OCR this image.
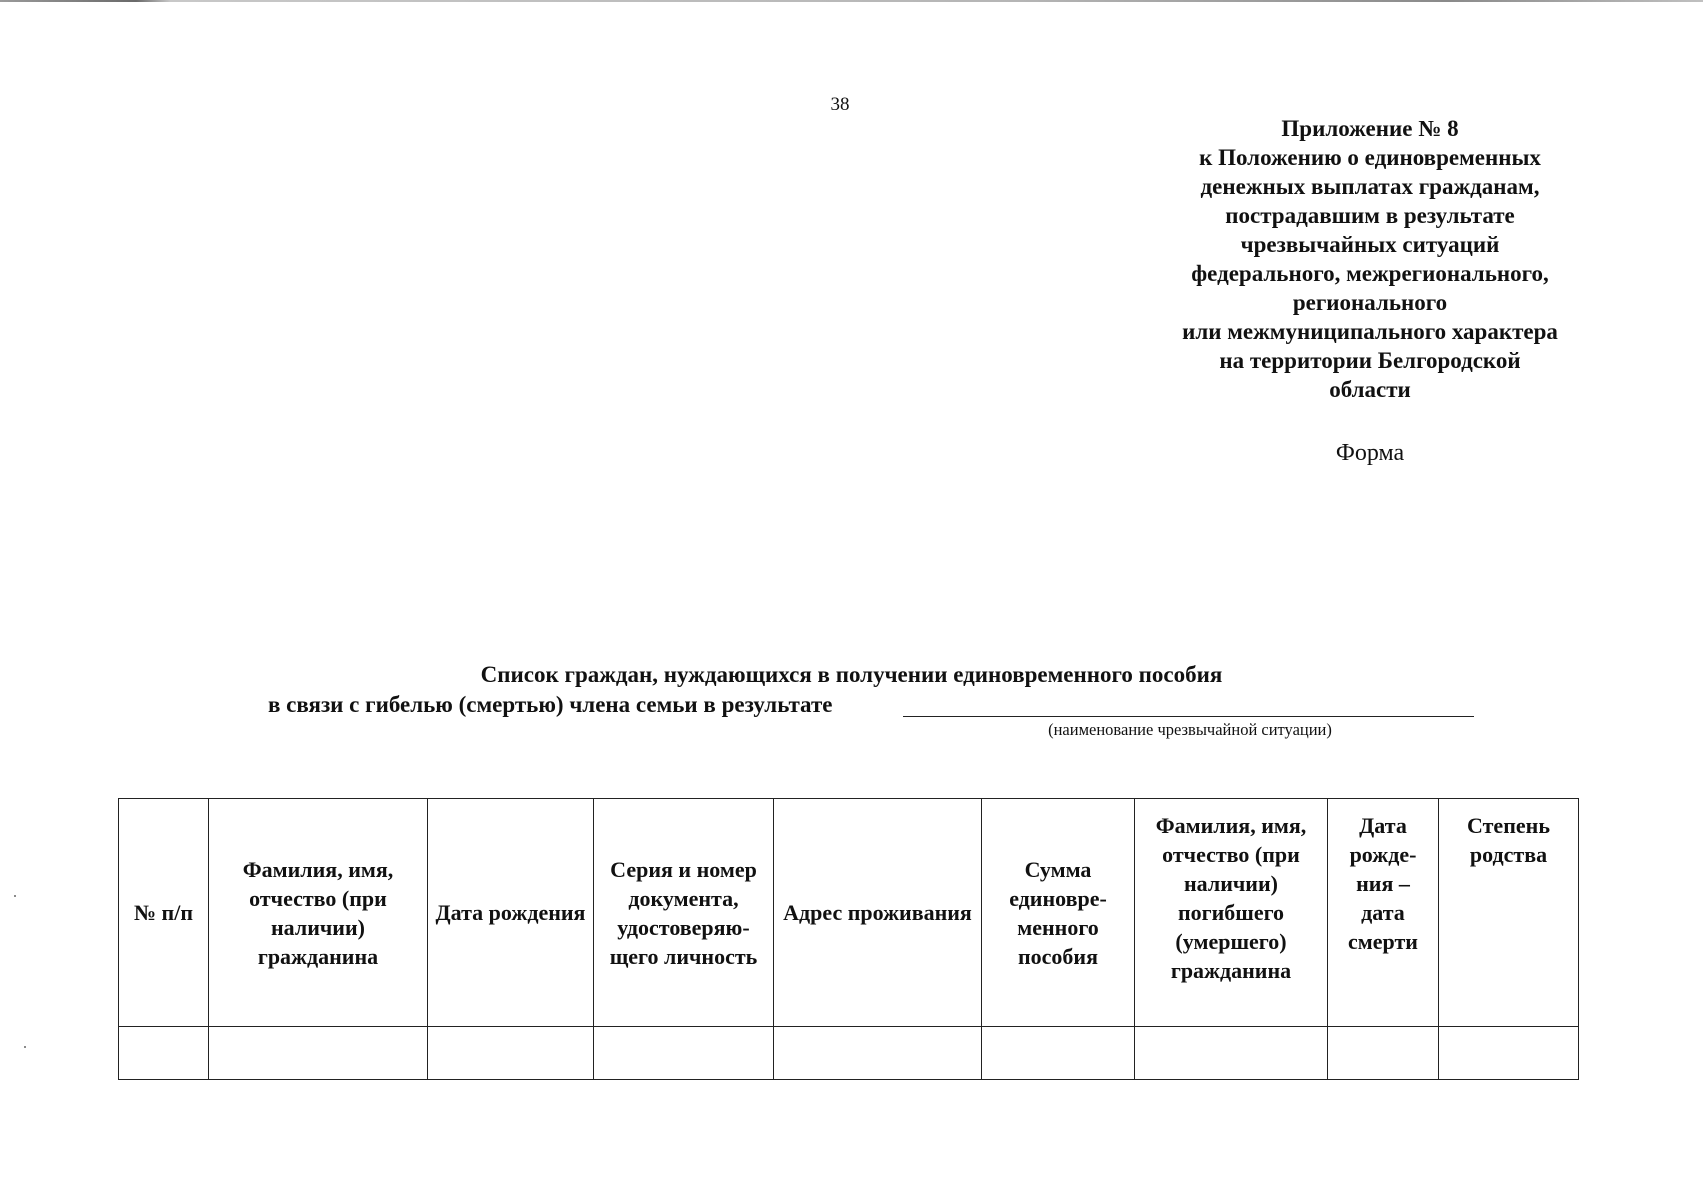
38
Приложение № 8
к Положению о единовременных
денежных выплатах гражданам,
пострадавшим в результате
чрезвычайных ситуаций
федерального, межрегионального,
регионального
или межмуниципального характера
на территории Белгородской
области
Форма
Список граждан, нуждающихся в получении единовременного пособия
в связи с гибелью (смертью) члена семьи в результате
(наименование чрезвычайной ситуации)
№ п/п	Фамилия, имя, отчество (при наличии) гражданина	Дата рождения	Серия и номер документа, удостоверяю-щего личность	Адрес проживания	Сумма единовре-менного пособия	Фамилия, имя, отчество (при наличии) погибшего (умершего) гражданина	Дата рожде-ния – дата смерти	Степень родства
